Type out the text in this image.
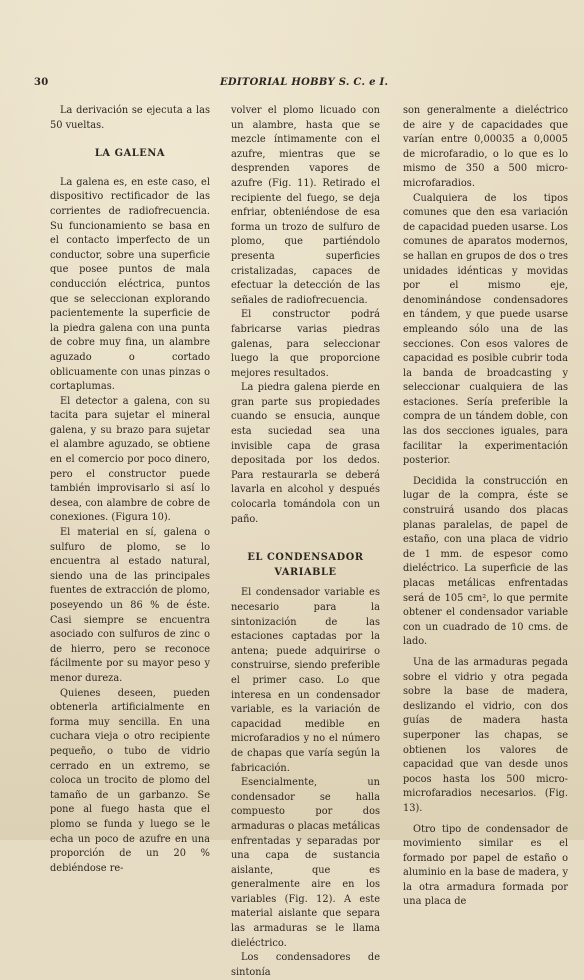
30	EDITORIAL HOBBY S. C. e I.

La derivación se ejecuta a las 50 vueltas.

LA GALENA

La galena es, en este caso, el dispositivo rectificador de las corrientes de radiofrecuencia. Su funcionamiento se basa en el contacto imperfecto de un conductor, sobre una superficie que posee puntos de mala conducción eléctrica, puntos que se seleccionan explorando pacientemente la superficie de la piedra galena con una punta de cobre muy fina, un alambre aguzado o cortado oblicuamente con unas pinzas o cortaplumas.

El detector a galena, con su tacita para sujetar el mineral galena, y su brazo para sujetar el alambre aguzado, se obtiene en el comercio por poco dinero, pero el constructor puede también improvisarlo si así lo desea, con alambre de cobre de conexiones. (Figura 10).

El material en sí, galena o sulfuro de plomo, se lo encuentra al estado natural, siendo una de las principales fuentes de extracción de plomo, poseyendo un 86 % de éste. Casi siempre se encuentra asociado con sulfuros de zinc o de hierro, pero se reconoce fácilmente por su mayor peso y menor dureza.

Quienes deseen, pueden obtenerla artificialmente en forma muy sencilla. En una cuchara vieja o otro recipiente pequeño, o tubo de vidrio cerrado en un extremo, se coloca un trocito de plomo del tamaño de un garbanzo. Se pone al fuego hasta que el plomo se funda y luego se le echa un poco de azufre en una proporción de un 20 % debiéndose re-

volver el plomo licuado con un alambre, hasta que se mezcle íntimamente con el azufre, mientras que se desprenden vapores de azufre (Fig. 11). Retirado el recipiente del fuego, se deja enfriar, obteniéndose de esa forma un trozo de sulfuro de plomo, que partiéndolo presenta superficies cristalizadas, capaces de efectuar la detección de las señales de radiofrecuencia.

El constructor podrá fabricarse varias piedras galenas, para seleccionar luego la que proporcione mejores resultados.

La piedra galena pierde en gran parte sus propiedades cuando se ensucia, aunque esta suciedad sea una invisible capa de grasa depositada por los dedos. Para restaurarla se deberá lavarla en alcohol y después colocarla tomándola con un paño.

EL CONDENSADOR VARIABLE

El condensador variable es necesario para la sintonización de las estaciones captadas por la antena; puede adquirirse o construirse, siendo preferible el primer caso. Lo que interesa en un condensador variable, es la variación de capacidad medible en microfaradios y no el número de chapas que varía según la fabricación.

Esencialmente, un condensador se halla compuesto por dos armaduras o placas metálicas enfrentadas y separadas por una capa de sustancia aislante, que es generalmente aire en los variables (Fig. 12). A este material aislante que separa las armaduras se le llama dieléctrico.

Los condensadores de sintonía

son generalmente a dieléctrico de aire y de capacidades que varían entre 0,00035 a 0,0005 de microfaradio, o lo que es lo mismo de 350 a 500 micro-microfaradios.

Cualquiera de los tipos comunes que den esa variación de capacidad pueden usarse. Los comunes de aparatos modernos, se hallan en grupos de dos o tres unidades idénticas y movidas por el mismo eje, denominándose condensadores en tándem, y que puede usarse empleando sólo una de las secciones. Con esos valores de capacidad es posible cubrir toda la banda de broadcasting y seleccionar cualquiera de las estaciones. Sería preferible la compra de un tándem doble, con las dos secciones iguales, para facilitar la experimentación posterior.

Decidida la construcción en lugar de la compra, éste se construirá usando dos placas planas paralelas, de papel de estaño, con una placa de vidrio de 1 mm. de espesor como dieléctrico. La superficie de las placas metálicas enfrentadas será de 105 cm², lo que permite obtener el condensador variable con un cuadrado de 10 cms. de lado.

Una de las armaduras pegada sobre el vidrio y otra pegada sobre la base de madera, deslizando el vidrio, con dos guías de madera hasta superponer las chapas, se obtienen los valores de capacidad que van desde unos pocos hasta los 500 micro-microfaradios necesarios. (Fig. 13).

Otro tipo de condensador de movimiento similar es el formado por papel de estaño o aluminio en la base de madera, y la otra armadura formada por una placa de
